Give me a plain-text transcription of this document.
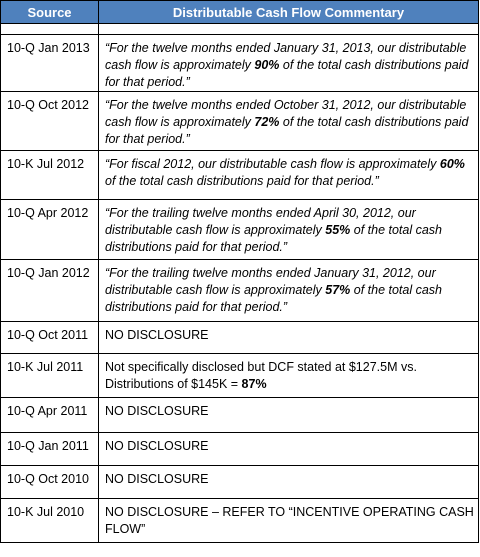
Source	Distributable Cash Flow Commentary

10-Q Jan 2013	“For the twelve months ended January 31, 2013, our distributable cash flow is approximately 90% of the total cash distributions paid for that period.”
10-Q Oct 2012	“For the twelve months ended October 31, 2012, our distributable cash flow is approximately 72% of the total cash distributions paid for that period.”
10-K Jul 2012	“For fiscal 2012, our distributable cash flow is approximately 60% of the total cash distributions paid for that period.”
10-Q Apr 2012	“For the trailing twelve months ended April 30, 2012, our distributable cash flow is approximately 55% of the total cash distributions paid for that period.”
10-Q Jan 2012	“For the trailing twelve months ended January 31, 2012, our distributable cash flow is approximately 57% of the total cash distributions paid for that period.”
10-Q Oct 2011	NO DISCLOSURE
10-K Jul 2011	Not specifically disclosed but DCF stated at $127.5M vs. Distributions of $145K = 87%
10-Q Apr 2011	NO DISCLOSURE
10-Q Jan 2011	NO DISCLOSURE
10-Q Oct 2010	NO DISCLOSURE
10-K Jul 2010	NO DISCLOSURE – REFER TO “INCENTIVE OPERATING CASH FLOW”
